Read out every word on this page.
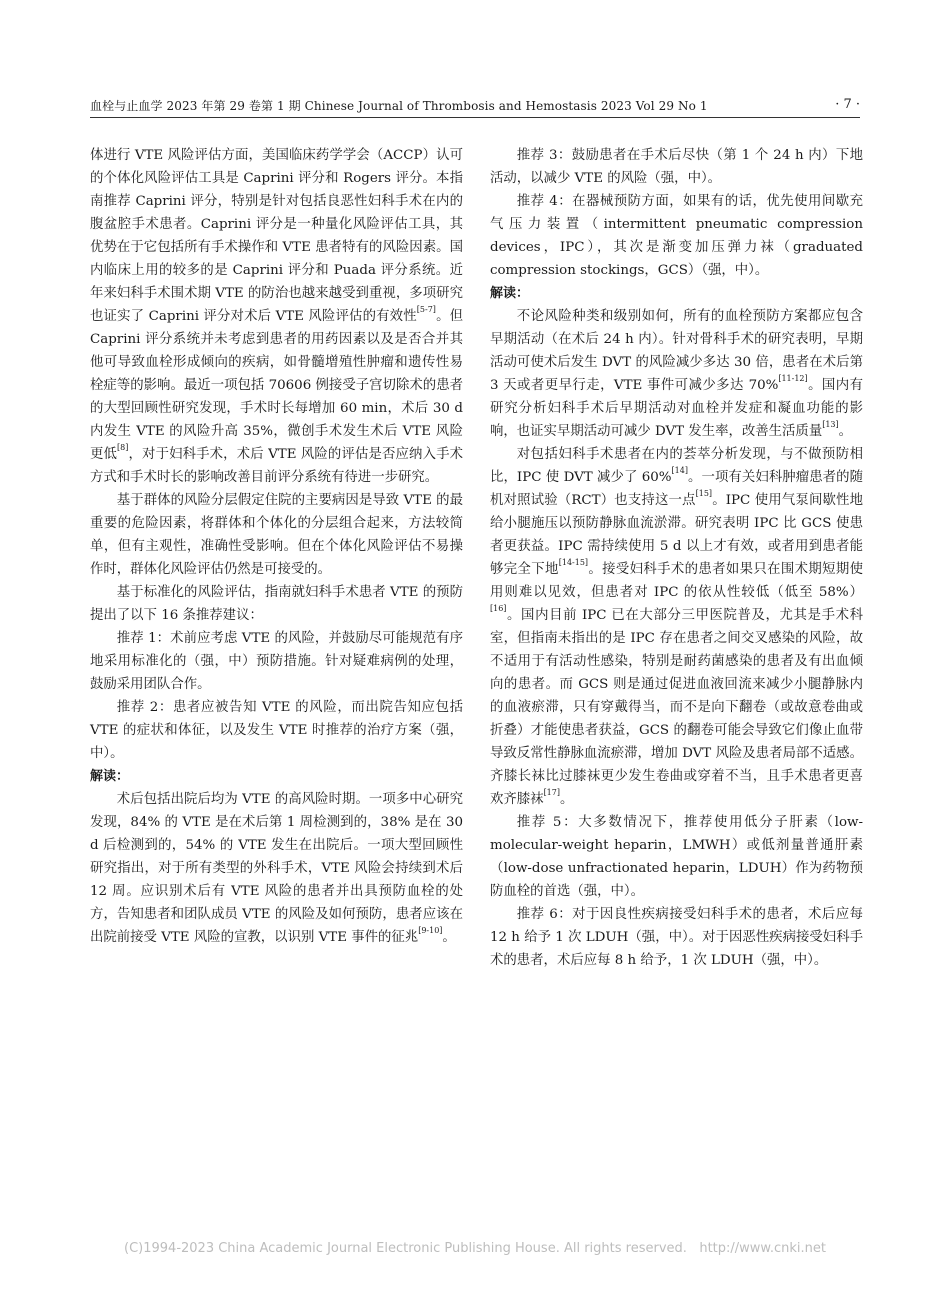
血栓与止血学 2023 年第 29 卷第 1 期 Chinese Journal of Thrombosis and Hemostasis 2023 Vol 29 No 1	· 7 ·

体进行 VTE 风险评估方面，美国临床药学学会（ACCP）认可的个体化风险评估工具是 Caprini 评分和 Rogers 评分。本指南推荐 Caprini 评分，特别是针对包括良恶性妇科手术在内的腹盆腔手术患者。Caprini 评分是一种量化风险评估工具，其优势在于它包括所有手术操作和 VTE 患者特有的风险因素。国内临床上用的较多的是 Caprini 评分和 Puada 评分系统。近年来妇科手术围术期 VTE 的防治也越来越受到重视，多项研究也证实了 Caprini 评分对术后 VTE 风险评估的有效性[5-7]。但 Caprini 评分系统并未考虑到患者的用药因素以及是否合并其他可导致血栓形成倾向的疾病，如骨髓增殖性肿瘤和遗传性易栓症等的影响。最近一项包括 70606 例接受子宫切除术的患者的大型回顾性研究发现，手术时长每增加 60 min，术后 30 d 内发生 VTE 的风险升高 35%，微创手术发生术后 VTE 风险更低[8]，对于妇科手术，术后 VTE 风险的评估是否应纳入手术方式和手术时长的影响改善目前评分系统有待进一步研究。

基于群体的风险分层假定住院的主要病因是导致 VTE 的最重要的危险因素，将群体和个体化的分层组合起来，方法较简单，但有主观性，准确性受影响。但在个体化风险评估不易操作时，群体化风险评估仍然是可接受的。

基于标准化的风险评估，指南就妇科手术患者 VTE 的预防提出了以下 16 条推荐建议：

推荐 1：术前应考虑 VTE 的风险，并鼓励尽可能规范有序地采用标准化的（强，中）预防措施。针对疑难病例的处理，鼓励采用团队合作。

推荐 2：患者应被告知 VTE 的风险，而出院告知应包括 VTE 的症状和体征，以及发生 VTE 时推荐的治疗方案（强，中）。

解读：

术后包括出院后均为 VTE 的高风险时期。一项多中心研究发现，84% 的 VTE 是在术后第 1 周检测到的，38% 是在 30 d 后检测到的，54% 的 VTE 发生在出院后。一项大型回顾性研究指出，对于所有类型的外科手术，VTE 风险会持续到术后 12 周。应识别术后有 VTE 风险的患者并出具预防血栓的处方，告知患者和团队成员 VTE 的风险及如何预防，患者应该在出院前接受 VTE 风险的宣教，以识别 VTE 事件的征兆[9-10]。

推荐 3：鼓励患者在手术后尽快（第 1 个 24 h 内）下地活动，以减少 VTE 的风险（强，中）。

推荐 4：在器械预防方面，如果有的话，优先使用间歇充气压力装置（intermittent pneumatic compression devices，IPC），其次是渐变加压弹力袜（graduated compression stockings，GCS）（强，中）。

解读：

不论风险种类和级别如何，所有的血栓预防方案都应包含早期活动（在术后 24 h 内）。针对骨科手术的研究表明，早期活动可使术后发生 DVT 的风险减少多达 30 倍，患者在术后第 3 天或者更早行走，VTE 事件可减少多达 70%[11-12]。国内有研究分析妇科手术后早期活动对血栓并发症和凝血功能的影响，也证实早期活动可减少 DVT 发生率，改善生活质量[13]。

对包括妇科手术患者在内的荟萃分析发现，与不做预防相比，IPC 使 DVT 减少了 60%[14]。一项有关妇科肿瘤患者的随机对照试验（RCT）也支持这一点[15]。IPC 使用气泵间歇性地给小腿施压以预防静脉血流淤滞。研究表明 IPC 比 GCS 使患者更获益。IPC 需持续使用 5 d 以上才有效，或者用到患者能够完全下地[14-15]。接受妇科手术的患者如果只在围术期短期使用则难以见效，但患者对 IPC 的依从性较低（低至 58%）[16]。国内目前 IPC 已在大部分三甲医院普及，尤其是手术科室，但指南未指出的是 IPC 存在患者之间交叉感染的风险，故不适用于有活动性感染，特别是耐药菌感染的患者及有出血倾向的患者。而 GCS 则是通过促进血液回流来减少小腿静脉内的血液瘀滞，只有穿戴得当，而不是向下翻卷（或故意卷曲或折叠）才能使患者获益，GCS 的翻卷可能会导致它们像止血带导致反常性静脉血流瘀滞，增加 DVT 风险及患者局部不适感。齐膝长袜比过膝袜更少发生卷曲或穿着不当，且手术患者更喜欢齐膝袜[17]。

推荐 5：大多数情况下，推荐使用低分子肝素（low-molecular-weight heparin，LMWH）或低剂量普通肝素（low-dose unfractionated heparin，LDUH）作为药物预防血栓的首选（强，中）。

推荐 6：对于因良性疾病接受妇科手术的患者，术后应每 12 h 给予 1 次 LDUH（强，中）。对于因恶性疾病接受妇科手术的患者，术后应每 8 h 给予，1 次 LDUH（强，中）。

(C)1994-2023 China Academic Journal Electronic Publishing House. All rights reserved. http://www.cnki.net
